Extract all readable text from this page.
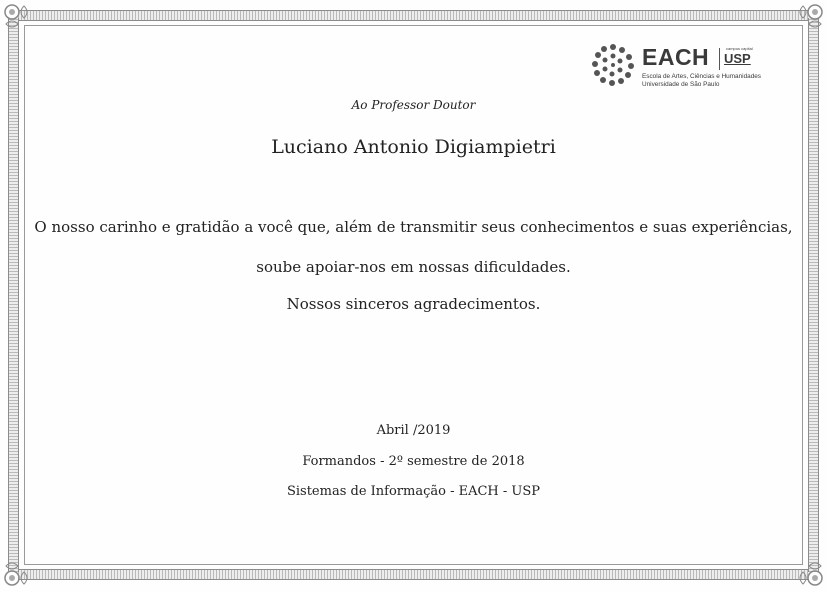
EACH	campus capital
USP
Escola de Artes, Ciências e Humanidades
Universidade de São Paulo
Ao Professor Doutor
Luciano Antonio Digiampietri
O nosso carinho e gratidão a você que, além de transmitir seus conhecimentos e suas experiências,
soube apoiar-nos em nossas dificuldades.
Nossos sinceros agradecimentos.
Abril /2019
Formandos - 2º semestre de 2018
Sistemas de Informação - EACH - USP
